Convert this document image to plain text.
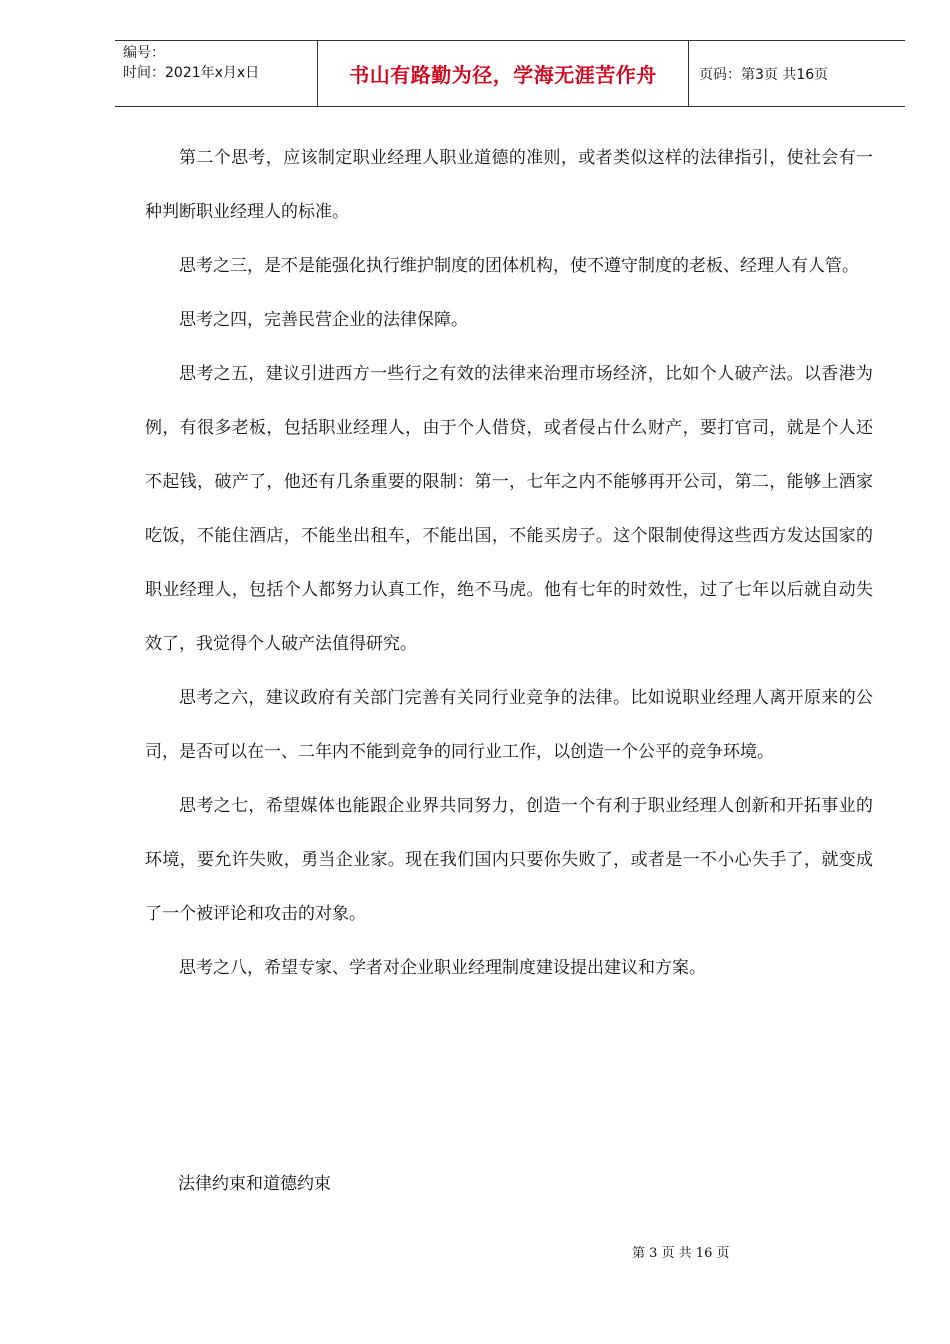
编号：
时间：2021年x月x日	书山有路勤为径，学海无涯苦作舟	页码：第3页 共16页

第二个思考，应该制定职业经理人职业道德的准则，或者类似这样的法律指引，使社会有一种判断职业经理人的标准。

思考之三，是不是能强化执行维护制度的团体机构，使不遵守制度的老板、经理人有人管。

思考之四，完善民营企业的法律保障。

思考之五，建议引进西方一些行之有效的法律来治理市场经济，比如个人破产法。以香港为例，有很多老板，包括职业经理人，由于个人借贷，或者侵占什么财产，要打官司，就是个人还不起钱，破产了，他还有几条重要的限制：第一，七年之内不能够再开公司，第二，能够上酒家吃饭，不能住酒店，不能坐出租车，不能出国，不能买房子。这个限制使得这些西方发达国家的职业经理人，包括个人都努力认真工作，绝不马虎。他有七年的时效性，过了七年以后就自动失效了，我觉得个人破产法值得研究。

思考之六，建议政府有关部门完善有关同行业竞争的法律。比如说职业经理人离开原来的公司，是否可以在一、二年内不能到竞争的同行业工作，以创造一个公平的竞争环境。

思考之七，希望媒体也能跟企业界共同努力，创造一个有利于职业经理人创新和开拓事业的环境，要允许失败，勇当企业家。现在我们国内只要你失败了，或者是一不小心失手了，就变成了一个被评论和攻击的对象。

思考之八，希望专家、学者对企业职业经理制度建设提出建议和方案。

法律约束和道德约束

第 3 页 共 16 页
